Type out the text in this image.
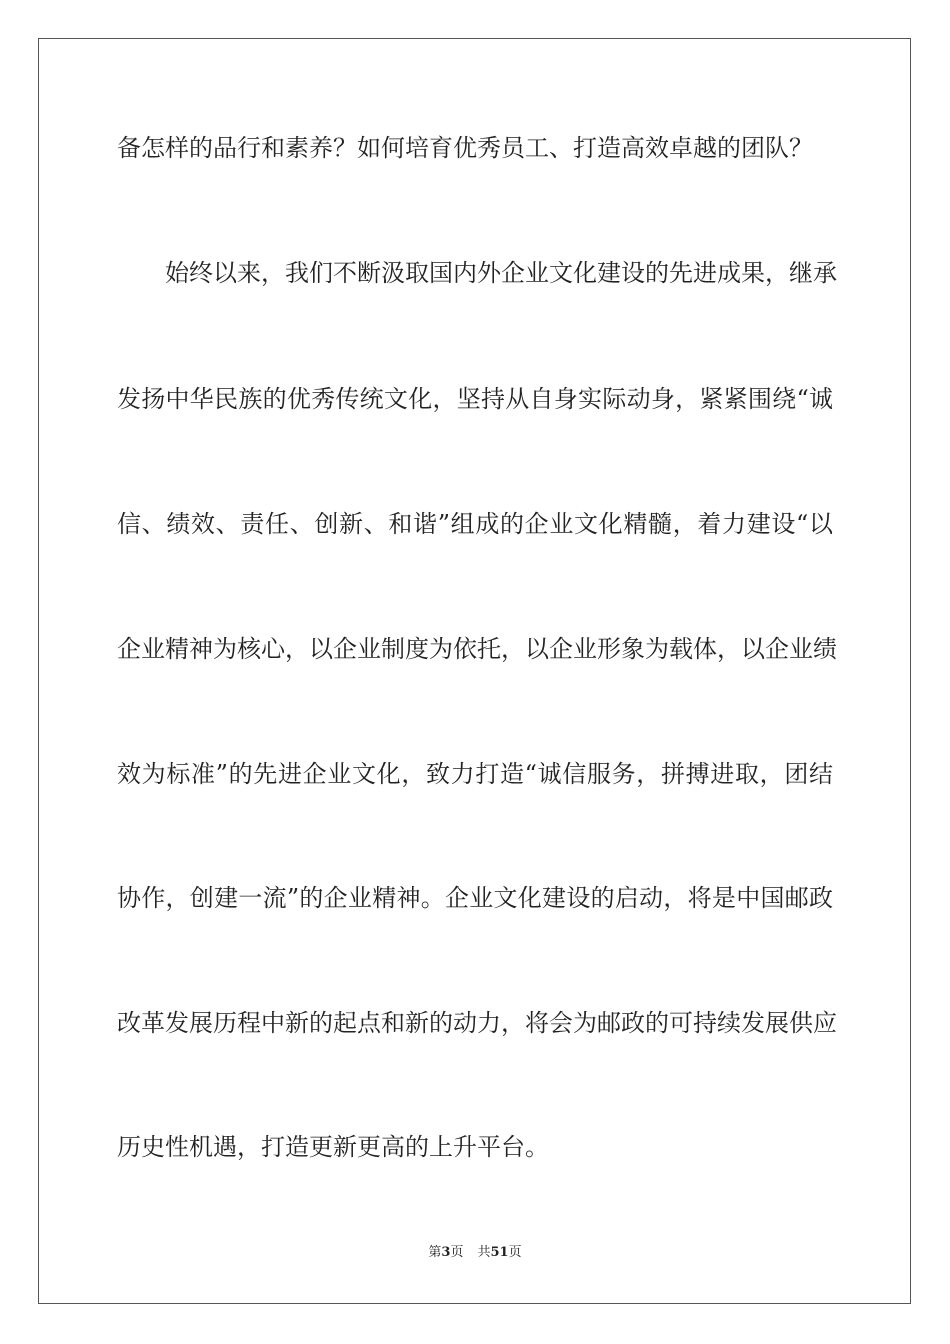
备怎样的品行和素养？如何培育优秀员工、打造高效卓越的团队？
始终以来，我们不断汲取国内外企业文化建设的先进成果，继承
发扬中华民族的优秀传统文化，坚持从自身实际动身，紧紧围绕“诚
信、绩效、责任、创新、和谐”组成的企业文化精髓，着力建设“以
企业精神为核心，以企业制度为依托，以企业形象为载体，以企业绩
效为标准”的先进企业文化，致力打造“诚信服务，拼搏进取，团结
协作，创建一流”的企业精神。企业文化建设的启动，将是中国邮政
改革发展历程中新的起点和新的动力，将会为邮政的可持续发展供应
历史性机遇，打造更新更高的上升平台。
第3页 共51页
